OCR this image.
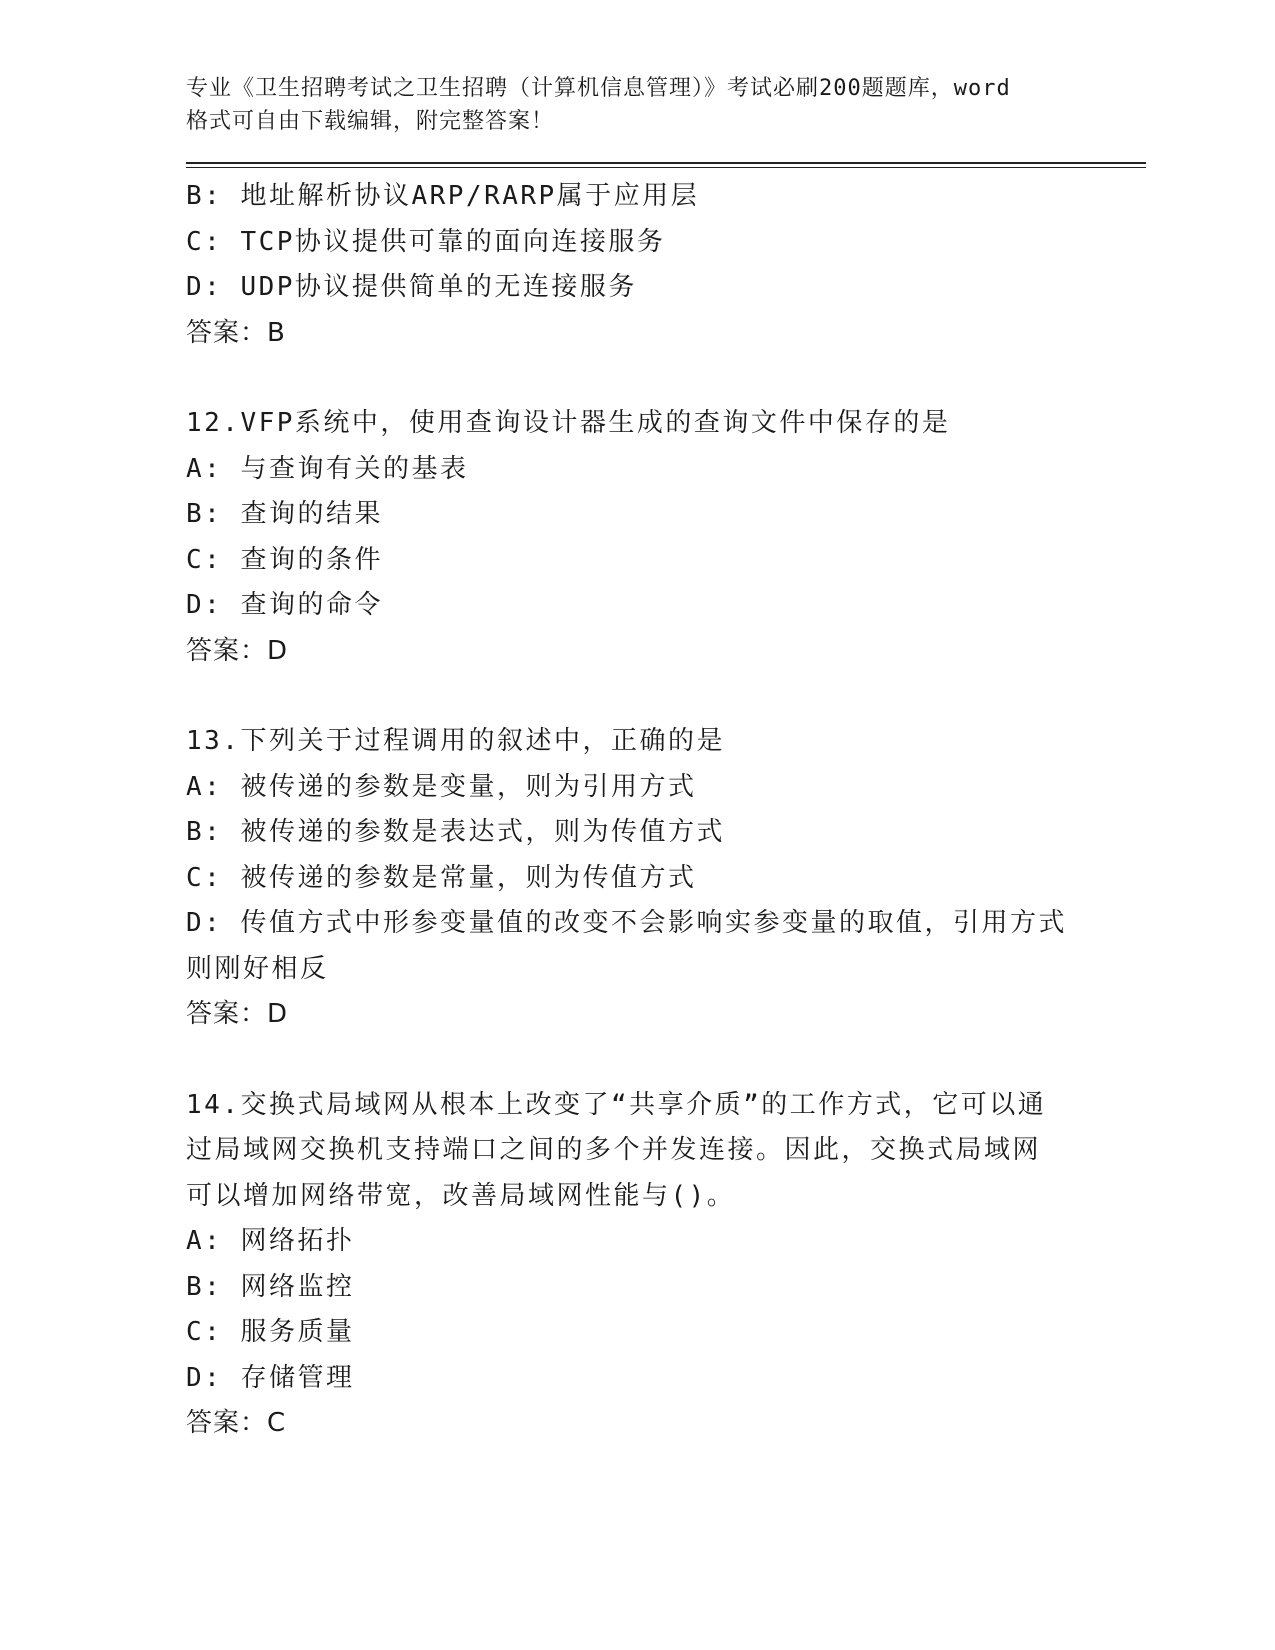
专业《卫生招聘考试之卫生招聘（计算机信息管理）》考试必刷200题题库，word

格式可自由下载编辑，附完整答案！

B: 地址解析协议ARP/RARP属于应用层

C: TCP协议提供可靠的面向连接服务

D: UDP协议提供简单的无连接服务

答案：B

12.VFP系统中，使用查询设计器生成的查询文件中保存的是

A: 与查询有关的基表

B: 查询的结果

C: 查询的条件

D: 查询的命令

答案：D

13.下列关于过程调用的叙述中，正确的是

A: 被传递的参数是变量，则为引用方式

B: 被传递的参数是表达式，则为传值方式

C: 被传递的参数是常量，则为传值方式

D: 传值方式中形参变量值的改变不会影响实参变量的取值，引用方式

则刚好相反

答案：D

14.交换式局域网从根本上改变了“共享介质”的工作方式，它可以通

过局域网交换机支持端口之间的多个并发连接。因此，交换式局域网

可以增加网络带宽，改善局域网性能与()。

A: 网络拓扑

B: 网络监控

C: 服务质量

D: 存储管理

答案：C
